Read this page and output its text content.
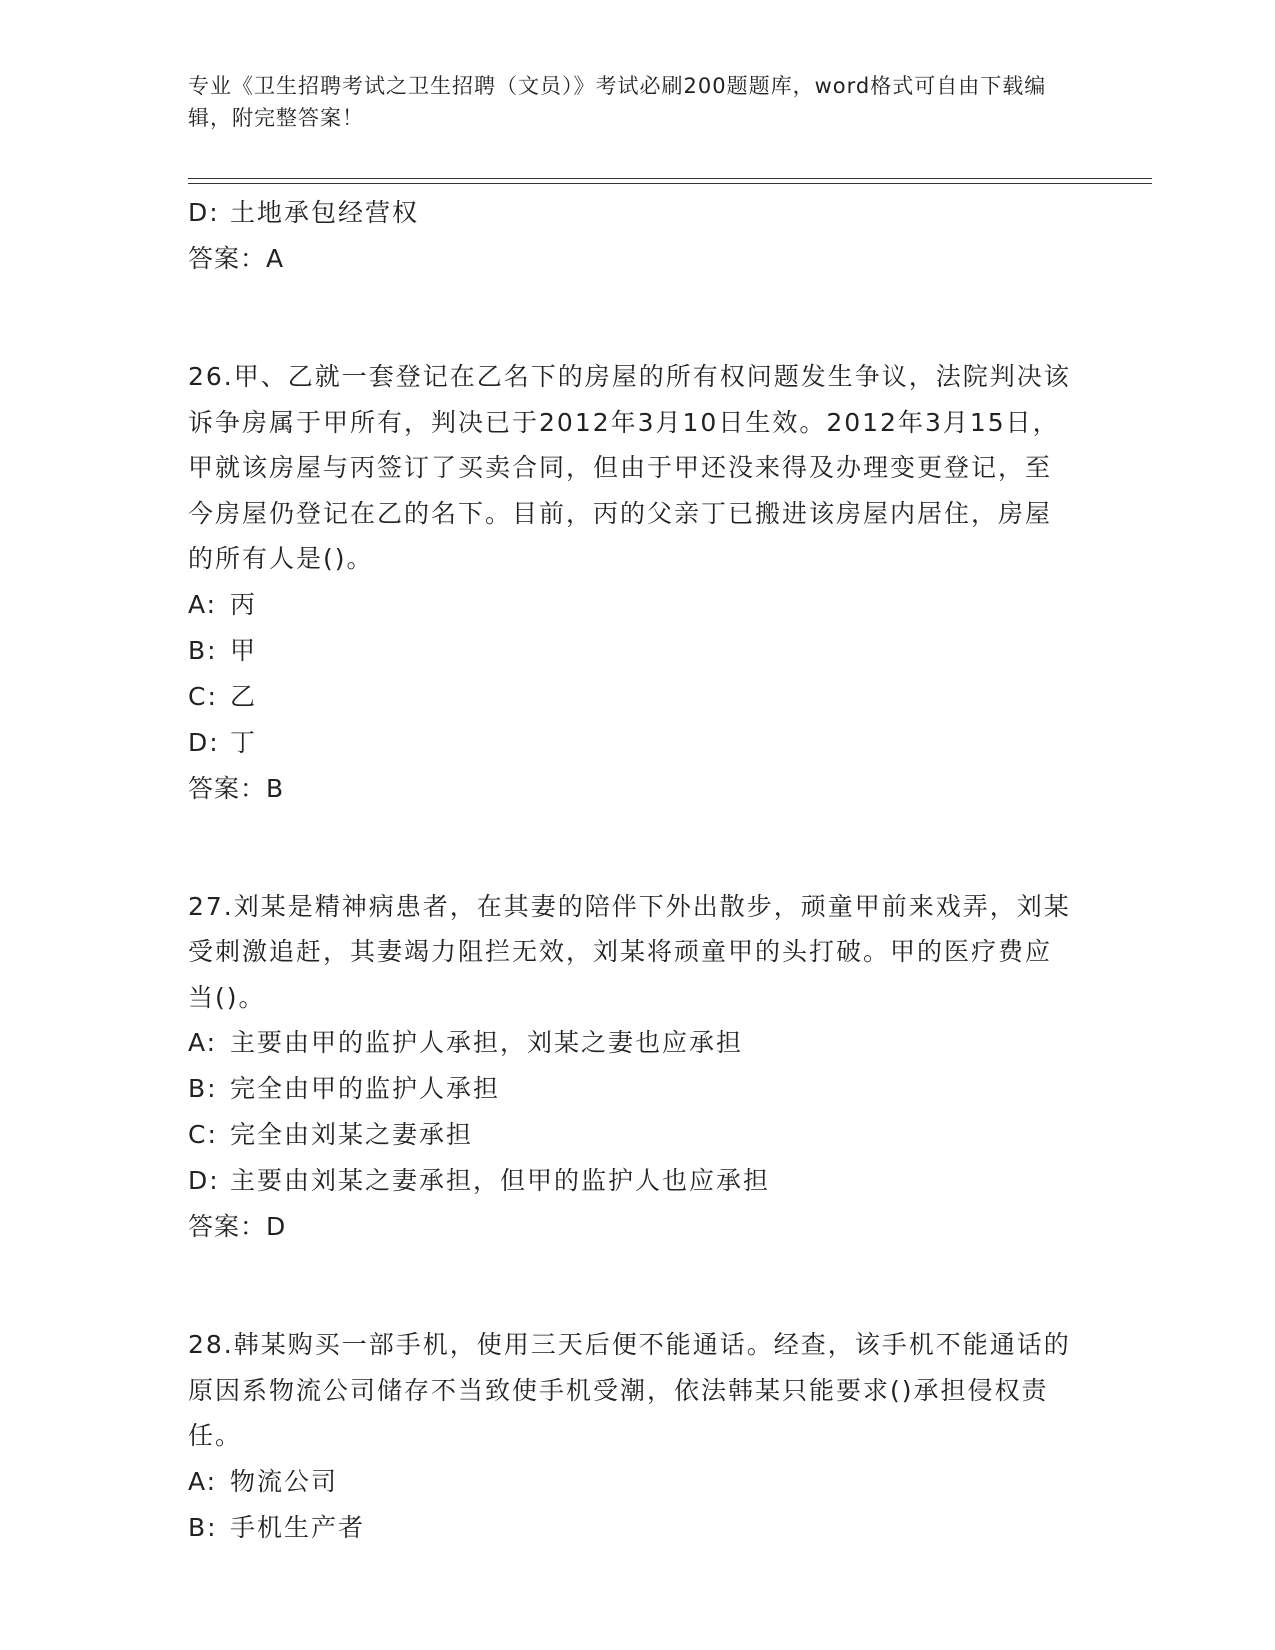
专业《卫生招聘考试之卫生招聘（文员）》考试必刷200题题库，word格式可自由下载编辑，附完整答案！
D: 土地承包经营权
答案：A
26.甲、乙就一套登记在乙名下的房屋的所有权问题发生争议，法院判决该诉争房属于甲所有，判决已于2012年3月10日生效。2012年3月15日，甲就该房屋与丙签订了买卖合同，但由于甲还没来得及办理变更登记，至今房屋仍登记在乙的名下。目前，丙的父亲丁已搬进该房屋内居住，房屋的所有人是()。
A: 丙
B: 甲
C: 乙
D: 丁
答案：B
27.刘某是精神病患者，在其妻的陪伴下外出散步，顽童甲前来戏弄，刘某受刺激追赶，其妻竭力阻拦无效，刘某将顽童甲的头打破。甲的医疗费应当()。
A: 主要由甲的监护人承担，刘某之妻也应承担
B: 完全由甲的监护人承担
C: 完全由刘某之妻承担
D: 主要由刘某之妻承担，但甲的监护人也应承担
答案：D
28.韩某购买一部手机，使用三天后便不能通话。经查，该手机不能通话的原因系物流公司储存不当致使手机受潮，依法韩某只能要求()承担侵权责任。
A: 物流公司
B: 手机生产者
